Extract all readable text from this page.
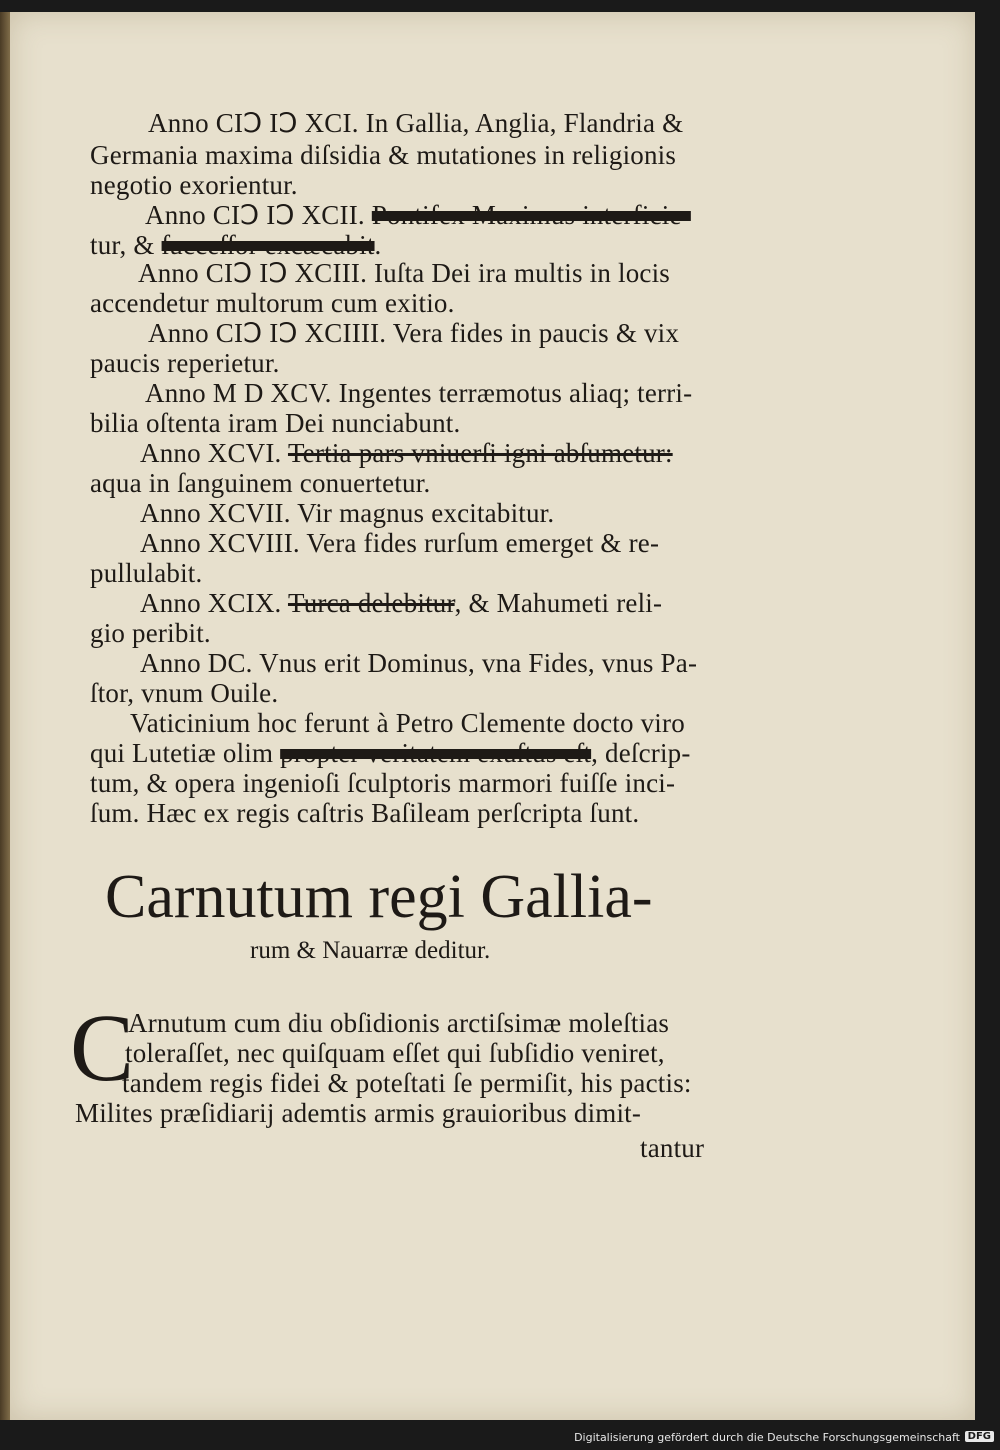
Anno CIↃ IↃ XCI. In Gallia, Anglia, Flandria &
Germania maxima diſsidia & mutationes in religionis
negotio exorientur.
Anno CIↃ IↃ XCII. Pontifex Maximus interficie-
tur, & ſucceſſor excæcabit.
Anno CIↃ IↃ XCIII. Iuſta Dei ira multis in locis
accendetur multorum cum exitio.
Anno CIↃ IↃ XCIIII. Vera fides in paucis & vix
paucis reperietur.
Anno M D XCV. Ingentes terræmotus aliaq; terri-
bilia oſtenta iram Dei nunciabunt.
Anno XCVI. Tertia pars vniuerſi igni abſumetur:
aqua in ſanguinem conuertetur.
Anno XCVII. Vir magnus excitabitur.
Anno XCVIII. Vera fides rurſum emerget & re-
pullulabit.
Anno XCIX. Turca delebitur, & Mahumeti reli-
gio peribit.
Anno DC. Vnus erit Dominus, vna Fides, vnus Pa-
ſtor, vnum Ouile.
Vaticinium hoc ferunt à Petro Clemente docto viro
qui Lutetiæ olim propter veritatem exuſtus eſt, deſcrip-
tum, & opera ingenioſi ſculptoris marmori fuiſſe inci-
ſum. Hæc ex regis caſtris Baſileam perſcripta ſunt.
Carnutum regi Gallia-
rum & Nauarræ deditur.
C
Arnutum cum diu obſidionis arctiſsimæ moleſtias
toleraſſet, nec quiſquam eſſet qui ſubſidio veniret,
tandem regis fidei & poteſtati ſe permiſit, his pactis:
Milites præſidiarij ademtis armis grauioribus dimit-
tantur
Digitalisierung gefördert durch die Deutsche Forschungsgemeinschaft DFG
